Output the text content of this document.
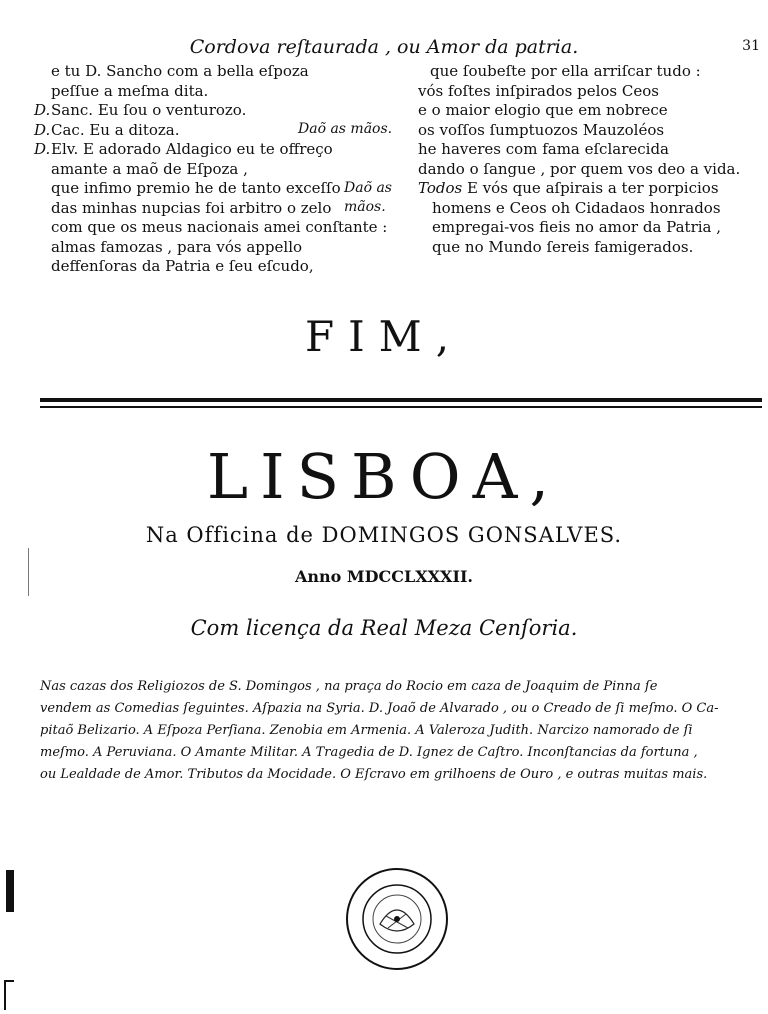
Cordova reſtaurada , ou Amor da patria.	31
e tu D. Sancho com a bella eſpoza
peſſue a meſma dita.
D.Sanc. Eu ſou o venturozo.
D.Cac. Eu a ditoza.
D.Elv. E adorado Aldagico eu te offreço
amante a maõ de Eſpoza ,
que infimo premio he de tanto exceſſo
das minhas nupcias foi arbitro o zelo
com que os meus nacionais amei conſtante :
almas famozas , para vós appello
deffenſoras da Patria e ſeu eſcudo,
Daõ as mãos.
Daõ as
mãos.
que ſoubeſte por ella arriſcar tudo :
vós foſtes inſpirados pelos Ceos
e o maior elogio que em nobrece
os voſſos ſumptuozos Mauzoléos
he haveres com fama eſclarecida
dando o ſangue , por quem vos deo a vida.
Todos E vós que aſpirais a ter porpicios
homens e Ceos oh Cidadaos honrados
empregai-vos fieis no amor da Patria ,
que no Mundo ſereis famigerados.
FIM,
LISBOA,
Na Officina de DOMINGOS GONSALVES.
Anno MDCCLXXXII.
Com licença da Real Meza Cenſoria.
Nas cazas dos Religiozos de S. Domingos , na praça do Rocio em caza de Joaquim de Pinna ſe
vendem as Comedias ſeguintes. Aſpazia na Syria. D. Joaõ de Alvarado , ou o Creado de ſi meſmo. O Ca-
pitaõ Belizario. A Eſpoza Perſiana. Zenobia em Armenia. A Valeroza Judith. Narcizo namorado de ſi
meſmo. A Peruviana. O Amante Militar. A Tragedia de D. Ignez de Caſtro. Inconſtancias da fortuna ,
ou Lealdade de Amor. Tributos da Mocidade. O Eſcravo em grilhoens de Ouro , e outras muitas mais.
